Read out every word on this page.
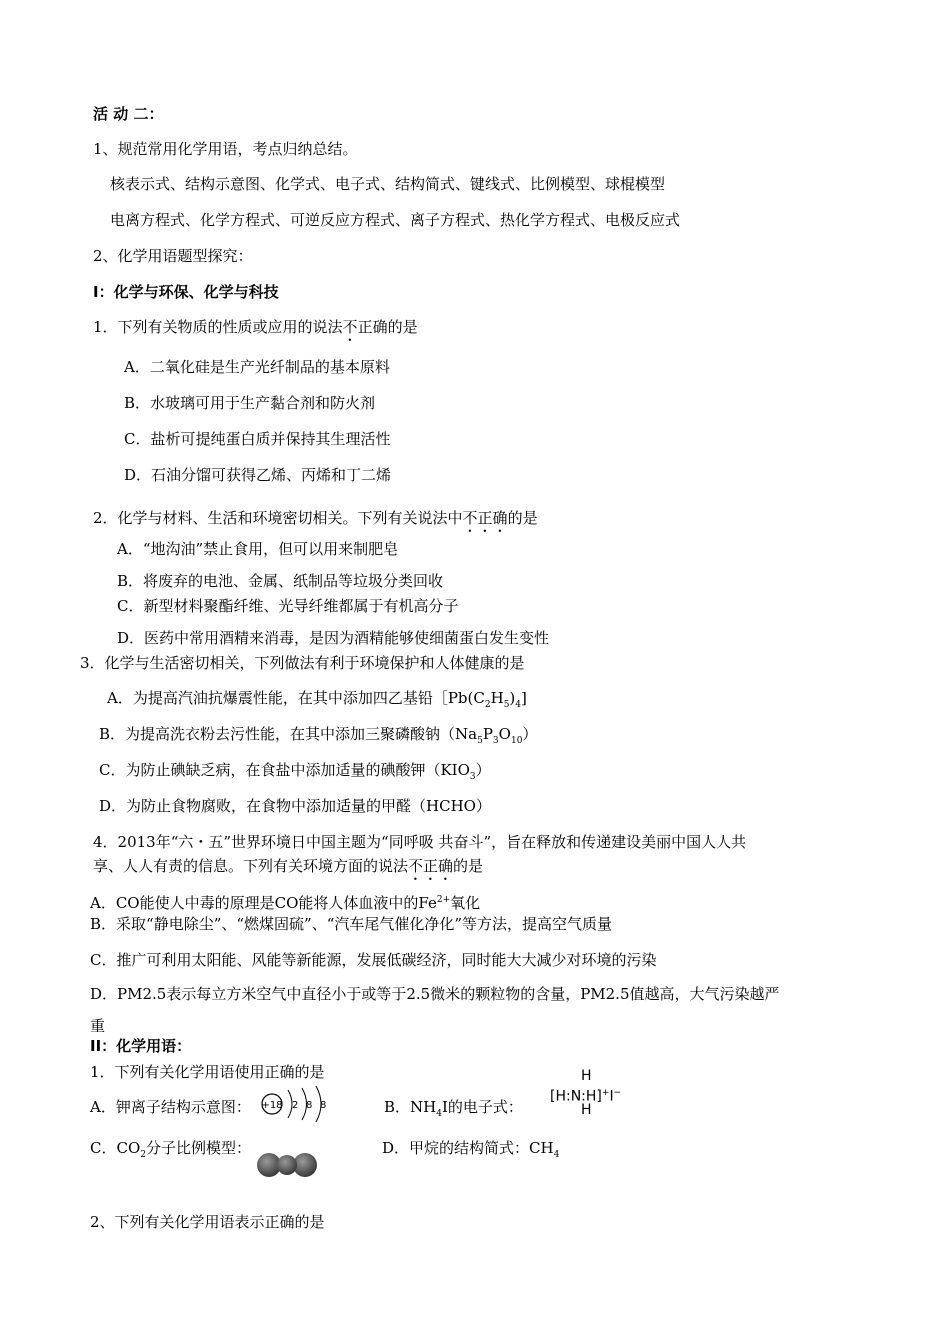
活 动 二：
1、规范常用化学用语，考点归纳总结。
核表示式、结构示意图、化学式、电子式、结构简式、键线式、比例模型、球棍模型
电离方程式、化学方程式、可逆反应方程式、离子方程式、热化学方程式、电极反应式
2、化学用语题型探究：
I：化学与环保、化学与科技
1．下列有关物质的性质或应用的说法不正确的是
A．二氧化硅是生产光纤制品的基本原料
B．水玻璃可用于生产黏合剂和防火剂
C．盐析可提纯蛋白质并保持其生理活性
D．石油分馏可获得乙烯、丙烯和丁二烯
2．化学与材料、生活和环境密切相关。下列有关说法中不正确的是
A．“地沟油”禁止食用，但可以用来制肥皂
B．将废弃的电池、金属、纸制品等垃圾分类回收
C．新型材料聚酯纤维、光导纤维都属于有机高分子
D．医药中常用酒精来消毒，是因为酒精能够使细菌蛋白发生变性
3．化学与生活密切相关，下列做法有利于环境保护和人体健康的是
A．为提高汽油抗爆震性能，在其中添加四乙基铅$[Pb(C_2H_5)_4$]
B．为提高洗衣粉去污性能，在其中添加三聚磷酸钠$(Na_5P_3O_{10})$
C．为防止碘缺乏病，在食盐中添加适量的碘酸钾$(KIO_3)$
D．为防止食物腐败，在食物中添加适量的甲醛（HCHO）
4．2013年“六・五”世界环境日中国主题为“同呼吸 共奋斗”，旨在释放和传递建设美丽中国人人共
享、人人有责的信息。下列有关环境方面的说法不正确的是
A．CO能使人中毒的原理是CO能将人体血液中的$Fe^{2+}$氧化
B．采取“静电除尘”、“燃煤固硫”、“汽车尾气催化净化”等方法，提高空气质量
C．推广可利用太阳能、风能等新能源，发展低碳经济，同时能大大减少对环境的污染
D．PM2.5表示每立方米空气中直径小于或等于2.5微米的颗粒物的含量，PM2.5值越高，大气污染越严
重
II：化学用语：
1．下列有关化学用语使用正确的是
A．钾离子结构示意图： +18 2 8 8	B．$NH_4I$的电子式：
H
[H:N:H]+I−
H
C．$CO_2$分子比例模型：	D．甲烷的结构简式：$CH_4$
2、下列有关化学用语表示正确的是
